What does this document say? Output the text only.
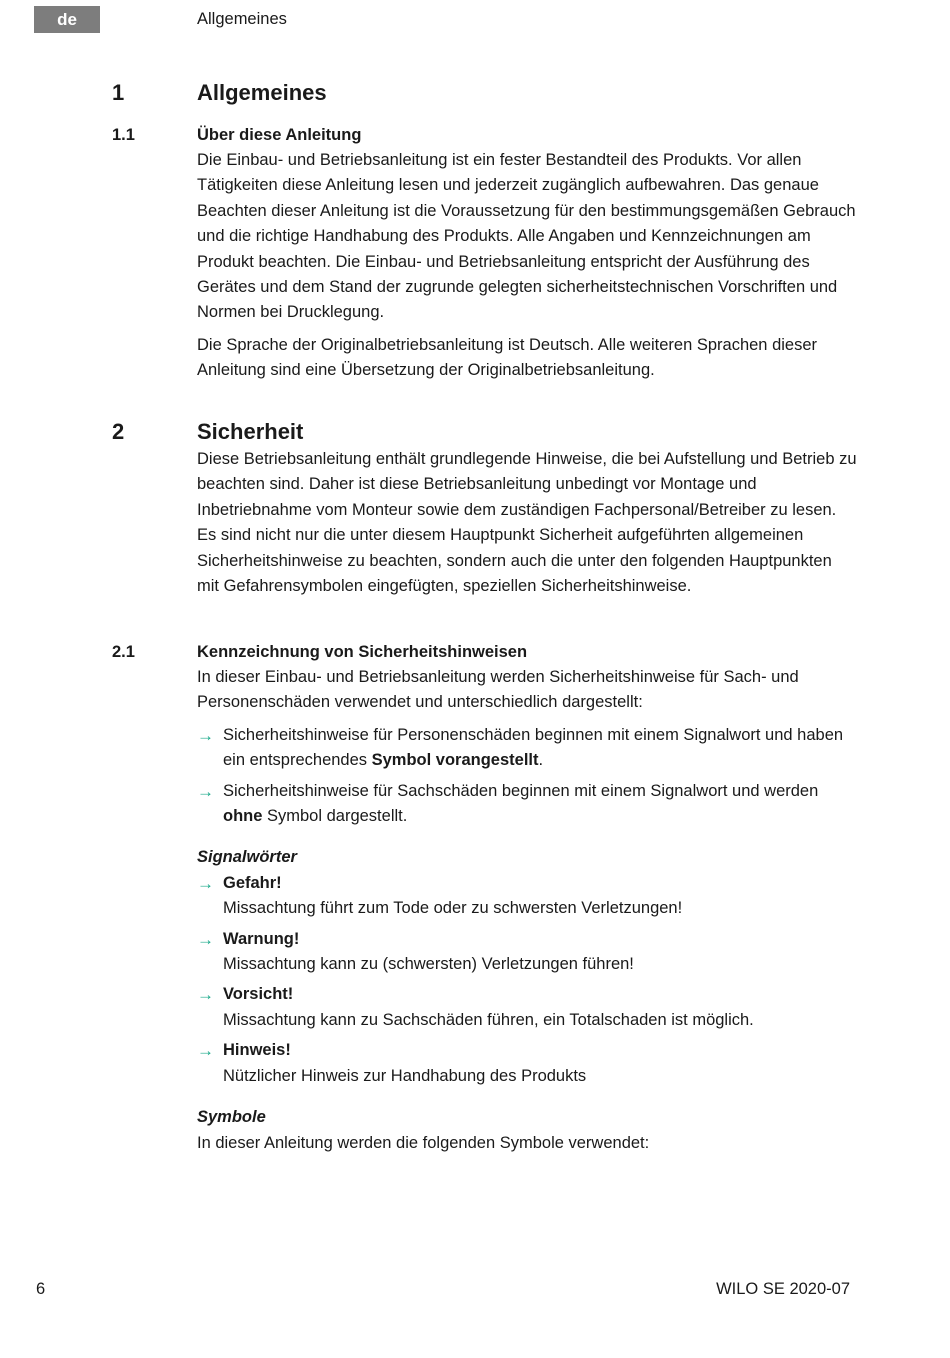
de	Allgemeines
1	Allgemeines
1.1	Über diese Anleitung

Die Einbau- und Betriebsanleitung ist ein fester Bestandteil des Produkts. Vor allen Tätigkeiten diese Anleitung lesen und jederzeit zugänglich aufbewahren. Das genaue Beachten dieser Anleitung ist die Voraussetzung für den bestimmungsgemäßen Gebrauch und die richtige Handhabung des Produkts. Alle Angaben und Kennzeichnungen am Produkt beachten. Die Einbau- und Betriebsanleitung entspricht der Ausführung des Gerätes und dem Stand der zugrunde gelegten sicherheitstechnischen Vorschriften und Normen bei Drucklegung.

Die Sprache der Originalbetriebsanleitung ist Deutsch. Alle weiteren Sprachen dieser Anleitung sind eine Übersetzung der Originalbetriebsanleitung.

2	Sicherheit

Diese Betriebsanleitung enthält grundlegende Hinweise, die bei Aufstellung und Betrieb zu beachten sind. Daher ist diese Betriebsanleitung unbedingt vor Montage und Inbetriebnahme vom Monteur sowie dem zuständigen Fachpersonal/Betreiber zu lesen.

Es sind nicht nur die unter diesem Hauptpunkt Sicherheit aufgeführten allgemeinen Sicherheitshinweise zu beachten, sondern auch die unter den folgenden Hauptpunkten mit Gefahrensymbolen eingefügten, speziellen Sicherheitshinweise.

2.1	Kennzeichnung von Sicherheitshinweisen

In dieser Einbau- und Betriebsanleitung werden Sicherheitshinweise für Sach- und Personenschäden verwendet und unterschiedlich dargestellt:

→ Sicherheitshinweise für Personenschäden beginnen mit einem Signalwort und haben ein entsprechendes Symbol vorangestellt.
→ Sicherheitshinweise für Sachschäden beginnen mit einem Signalwort und werden ohne Symbol dargestellt.
Signalwörter
→ Gefahr!
Missachtung führt zum Tode oder zu schwersten Verletzungen!
→ Warnung!
Missachtung kann zu (schwersten) Verletzungen führen!
→ Vorsicht!
Missachtung kann zu Sachschäden führen, ein Totalschaden ist möglich.
→ Hinweis!
Nützlicher Hinweis zur Handhabung des Produkts
Symbole

In dieser Anleitung werden die folgenden Symbole verwendet:

6	WILO SE 2020-07
